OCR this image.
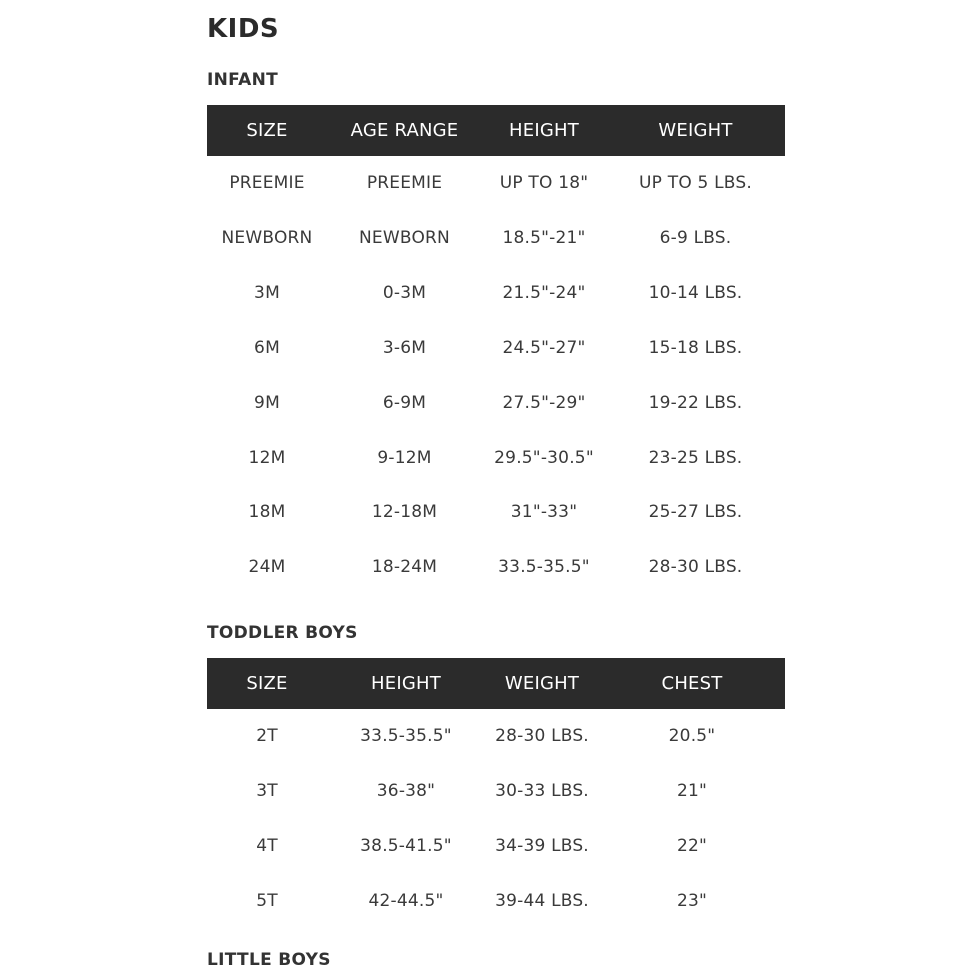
KIDS
INFANT
SIZE	AGE RANGE	HEIGHT	WEIGHT
PREEMIE	PREEMIE	UP TO 18"	UP TO 5 LBS.
NEWBORN	NEWBORN	18.5"-21"	6-9 LBS.
3M	0-3M	21.5"-24"	10-14 LBS.
6M	3-6M	24.5"-27"	15-18 LBS.
9M	6-9M	27.5"-29"	19-22 LBS.
12M	9-12M	29.5"-30.5"	23-25 LBS.
18M	12-18M	31"-33"	25-27 LBS.
24M	18-24M	33.5-35.5"	28-30 LBS.
TODDLER BOYS
SIZE	HEIGHT	WEIGHT	CHEST
2T	33.5-35.5"	28-30 LBS.	20.5"
3T	36-38"	30-33 LBS.	21"
4T	38.5-41.5"	34-39 LBS.	22"
5T	42-44.5"	39-44 LBS.	23"
LITTLE BOYS
